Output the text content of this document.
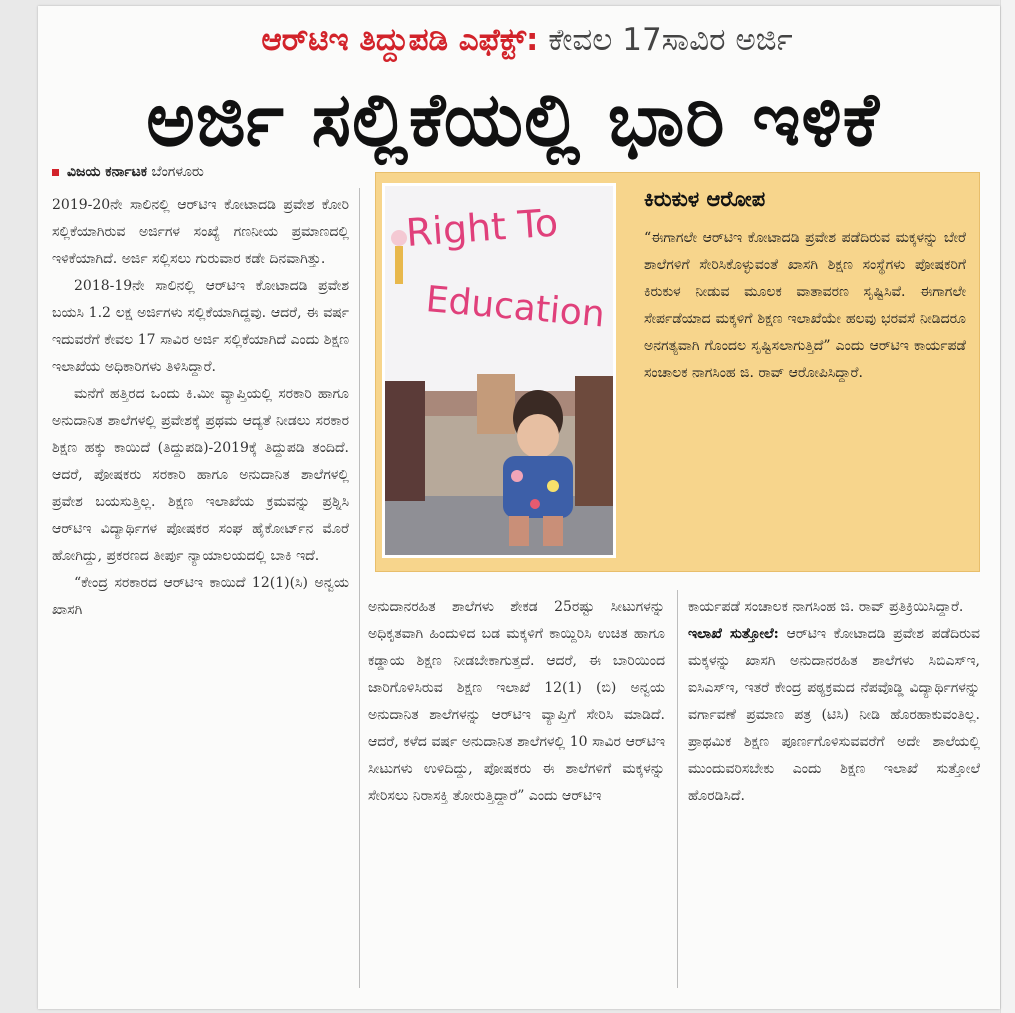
ಆರ್‌ಟಿಇ ತಿದ್ದುಪಡಿ ಎಫೆಕ್ಟ್‌: ಕೇವಲ 17ಸಾವಿರ ಅರ್ಜಿ
ಅರ್ಜಿ ಸಲ್ಲಿಕೆಯಲ್ಲಿ ಭಾರಿ ಇಳಿಕೆ
ವಿಜಯ ಕರ್ನಾಟಕ ಬೆಂಗಳೂರು

2019-20ನೇ ಸಾಲಿನಲ್ಲಿ ಆರ್‌ಟಿಇ ಕೋಟಾದಡಿ ಪ್ರವೇಶ ಕೋರಿ ಸಲ್ಲಿಕೆಯಾಗಿರುವ ಅರ್ಜಿಗಳ ಸಂಖ್ಯೆ ಗಣನೀಯ ಪ್ರಮಾಣದಲ್ಲಿ ಇಳಿಕೆಯಾಗಿದೆ. ಅರ್ಜಿ ಸಲ್ಲಿಸಲು ಗುರುವಾರ ಕಡೇ ದಿನವಾಗಿತ್ತು.

2018-19ನೇ ಸಾಲಿನಲ್ಲಿ ಆರ್‌ಟಿಇ ಕೋಟಾದಡಿ ಪ್ರವೇಶ ಬಯಸಿ 1.2 ಲಕ್ಷ ಅರ್ಜಿಗಳು ಸಲ್ಲಿಕೆಯಾಗಿದ್ದವು. ಆದರೆ, ಈ ವರ್ಷ ಇದುವರೆಗೆ ಕೇವಲ 17 ಸಾವಿರ ಅರ್ಜಿ ಸಲ್ಲಿಕೆಯಾಗಿದೆ ಎಂದು ಶಿಕ್ಷಣ ಇಲಾಖೆಯ ಅಧಿಕಾರಿಗಳು ತಿಳಿಸಿದ್ದಾರೆ.

ಮನೆಗೆ ಹತ್ತಿರದ ಒಂದು ಕಿ.ಮೀ ವ್ಯಾಪ್ತಿಯಲ್ಲಿ ಸರಕಾರಿ ಹಾಗೂ ಅನುದಾನಿತ ಶಾಲೆಗಳಲ್ಲಿ ಪ್ರವೇಶಕ್ಕೆ ಪ್ರಥಮ ಆದ್ಯತೆ ನೀಡಲು ಸರಕಾರ ಶಿಕ್ಷಣ ಹಕ್ಕು ಕಾಯಿದೆ (ತಿದ್ದುಪಡಿ)-2019ಕ್ಕೆ ತಿದ್ದುಪಡಿ ತಂದಿದೆ. ಆದರೆ, ಪೋಷಕರು ಸರಕಾರಿ ಹಾಗೂ ಅನುದಾನಿತ ಶಾಲೆಗಳಲ್ಲಿ ಪ್ರವೇಶ ಬಯಸುತ್ತಿಲ್ಲ. ಶಿಕ್ಷಣ ಇಲಾಖೆಯ ಕ್ರಮವನ್ನು ಪ್ರಶ್ನಿಸಿ ಆರ್‌ಟಿಇ ವಿದ್ಯಾರ್ಥಿಗಳ ಪೋಷಕರ ಸಂಘ ಹೈಕೋರ್ಟ್‌ನ ಮೊರೆ ಹೋಗಿದ್ದು, ಪ್ರಕರಣದ ತೀರ್ಪು ನ್ಯಾಯಾಲಯದಲ್ಲಿ ಬಾಕಿ ಇದೆ.

“ಕೇಂದ್ರ ಸರಕಾರದ ಆರ್‌ಟಿಇ ಕಾಯಿದೆ 12(1)(ಸಿ) ಅನ್ವಯ ಖಾಸಗಿ

Right To
Education
ಕಿರುಕುಳ ಆರೋಪ
“ಈಗಾಗಲೇ ಆರ್‌ಟಿಇ ಕೋಟಾದಡಿ ಪ್ರವೇಶ ಪಡೆದಿರುವ ಮಕ್ಕಳನ್ನು ಬೇರೆ ಶಾಲೆಗಳಿಗೆ ಸೇರಿಸಿಕೊಳ್ಳುವಂತೆ ಖಾಸಗಿ ಶಿಕ್ಷಣ ಸಂಸ್ಥೆಗಳು ಪೋಷಕರಿಗೆ ಕಿರುಕುಳ ನೀಡುವ ಮೂಲಕ ವಾತಾವರಣ ಸೃಷ್ಟಿಸಿವೆ. ಈಗಾಗಲೇ ಸೇರ್ಪಡೆಯಾದ ಮಕ್ಕಳಿಗೆ ಶಿಕ್ಷಣ ಇಲಾಖೆಯೇ ಹಲವು ಭರವಸೆ ನೀಡಿದರೂ ಅನಗತ್ಯವಾಗಿ ಗೊಂದಲ ಸೃಷ್ಟಿಸಲಾಗುತ್ತಿದೆ” ಎಂದು ಆರ್‌ಟಿಇ ಕಾರ್ಯಪಡೆ ಸಂಚಾಲಕ ನಾಗಸಿಂಹ ಜಿ. ರಾವ್ ಆರೋಪಿಸಿದ್ದಾರೆ.

ಅನುದಾನರಹಿತ ಶಾಲೆಗಳು ಶೇಕಡ 25ರಷ್ಟು ಸೀಟುಗಳನ್ನು ಅಧಿಕೃತವಾಗಿ ಹಿಂದುಳಿದ ಬಡ ಮಕ್ಕಳಿಗೆ ಕಾಯ್ದಿರಿಸಿ ಉಚಿತ ಹಾಗೂ ಕಡ್ಡಾಯ ಶಿಕ್ಷಣ ನೀಡಬೇಕಾಗುತ್ತದೆ. ಆದರೆ, ಈ ಬಾರಿಯಿಂದ ಜಾರಿಗೊಳಿಸಿರುವ ಶಿಕ್ಷಣ ಇಲಾಖೆ 12(1) (ಬಿ) ಅನ್ವಯ ಅನುದಾನಿತ ಶಾಲೆಗಳನ್ನು ಆರ್‌ಟಿಇ ವ್ಯಾಪ್ತಿಗೆ ಸೇರಿಸಿ ಮಾಡಿದೆ. ಆದರೆ, ಕಳೆದ ವರ್ಷ ಅನುದಾನಿತ ಶಾಲೆಗಳಲ್ಲಿ 10 ಸಾವಿರ ಆರ್‌ಟಿಇ ಸೀಟುಗಳು ಉಳಿದಿದ್ದು, ಪೋಷಕರು ಈ ಶಾಲೆಗಳಿಗೆ ಮಕ್ಕಳನ್ನು ಸೇರಿಸಲು ನಿರಾಸಕ್ತಿ ತೋರುತ್ತಿದ್ದಾರೆ” ಎಂದು ಆರ್‌ಟಿಇ

ಕಾರ್ಯಪಡೆ ಸಂಚಾಲಕ ನಾಗಸಿಂಹ ಜಿ. ರಾವ್ ಪ್ರತಿಕ್ರಿಯಿಸಿದ್ದಾರೆ.

ಇಲಾಖೆ ಸುತ್ತೋಲೆ: ಆರ್‌ಟಿಇ ಕೋಟಾದಡಿ ಪ್ರವೇಶ ಪಡೆದಿರುವ ಮಕ್ಕಳನ್ನು ಖಾಸಗಿ ಅನುದಾನರಹಿತ ಶಾಲೆಗಳು ಸಿಬಿಎಸ್‌ಇ, ಐಸಿಎಸ್‌ಇ, ಇತರೆ ಕೇಂದ್ರ ಪಠ್ಯಕ್ರಮದ ನೆಪವೊಡ್ಡಿ ವಿದ್ಯಾರ್ಥಿಗಳನ್ನು ವರ್ಗಾವಣೆ ಪ್ರಮಾಣ ಪತ್ರ (ಟಿಸಿ) ನೀಡಿ ಹೊರಹಾಕುವಂತಿಲ್ಲ. ಪ್ರಾಥಮಿಕ ಶಿಕ್ಷಣ ಪೂರ್ಣಗೊಳಿಸುವವರೆಗೆ ಅದೇ ಶಾಲೆಯಲ್ಲಿ ಮುಂದುವರಿಸಬೇಕು ಎಂದು ಶಿಕ್ಷಣ ಇಲಾಖೆ ಸುತ್ತೋಲೆ ಹೊರಡಿಸಿದೆ.
